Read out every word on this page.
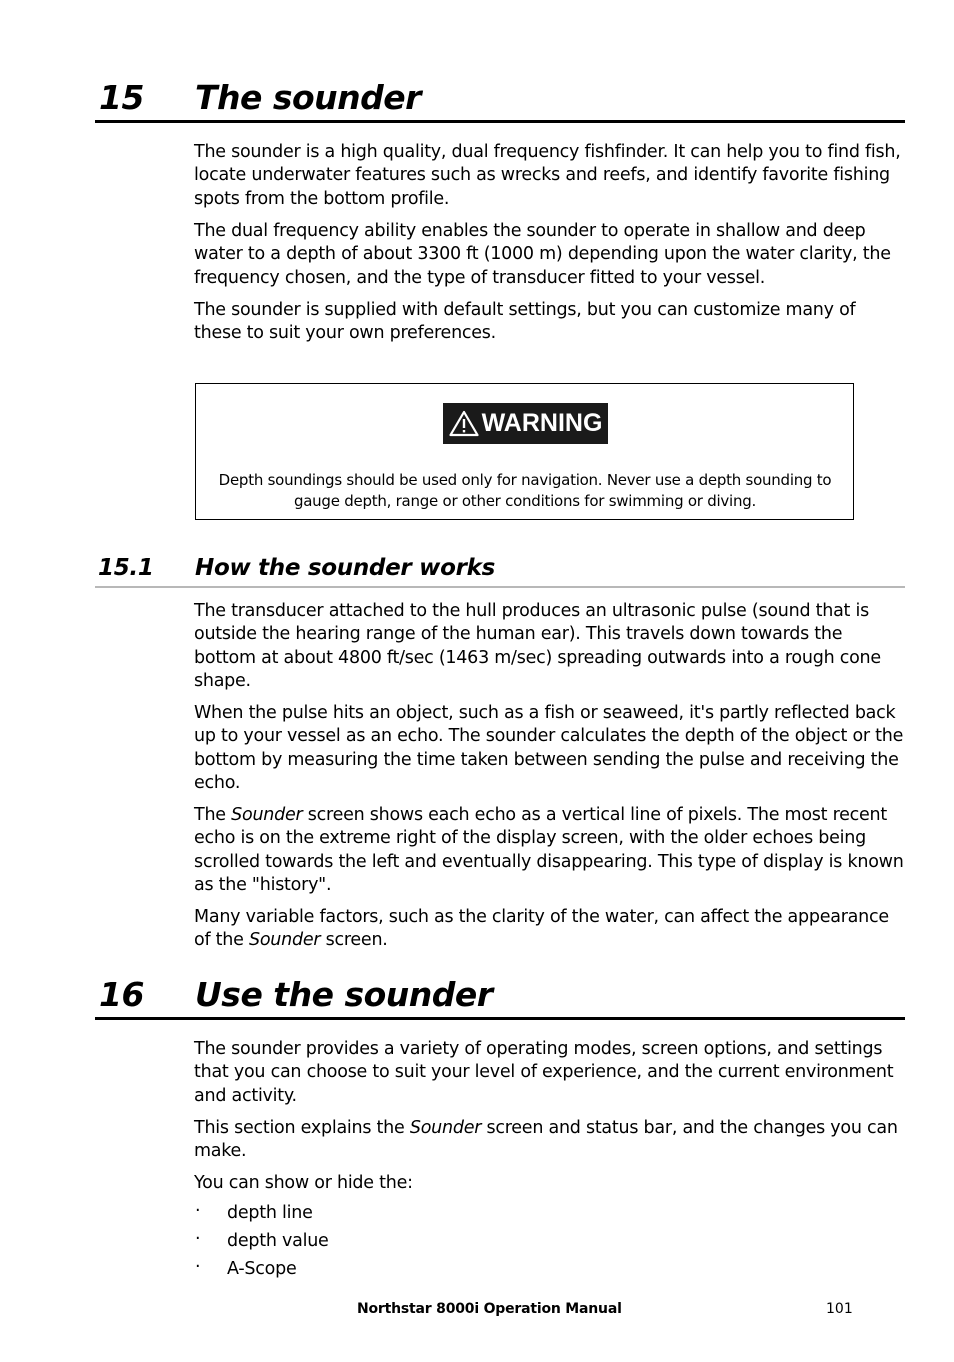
15 The sounder

The sounder is a high quality, dual frequency fishfinder. It can help you to find fish, locate underwater features such as wrecks and reefs, and identify favorite fishing spots from the bottom profile.

The dual frequency ability enables the sounder to operate in shallow and deep water to a depth of about 3300 ft (1000 m) depending upon the water clarity, the frequency chosen, and the type of transducer fitted to your vessel.

The sounder is supplied with default settings, but you can customize many of these to suit your own preferences.

WARNING
Depth soundings should be used only for navigation. Never use a depth sounding to gauge depth, range or other conditions for swimming or diving.
15.1 How the sounder works

The transducer attached to the hull produces an ultrasonic pulse (sound that is outside the hearing range of the human ear). This travels down towards the bottom at about 4800 ft/sec (1463 m/sec) spreading outwards into a rough cone shape.

When the pulse hits an object, such as a fish or seaweed, it's partly reflected back up to your vessel as an echo. The sounder calculates the depth of the object or the bottom by measuring the time taken between sending the pulse and receiving the echo.

The Sounder screen shows each echo as a vertical line of pixels. The most recent echo is on the extreme right of the display screen, with the older echoes being scrolled towards the left and eventually disappearing. This type of display is known as the "history".

Many variable factors, such as the clarity of the water, can affect the appearance of the Sounder screen.

16 Use the sounder

The sounder provides a variety of operating modes, screen options, and settings that you can choose to suit your level of experience, and the current environment and activity.

This section explains the Sounder screen and status bar, and the changes you can make.

You can show or hide the:

· depth line
· depth value
· A-Scope
Northstar 8000i Operation Manual	101
